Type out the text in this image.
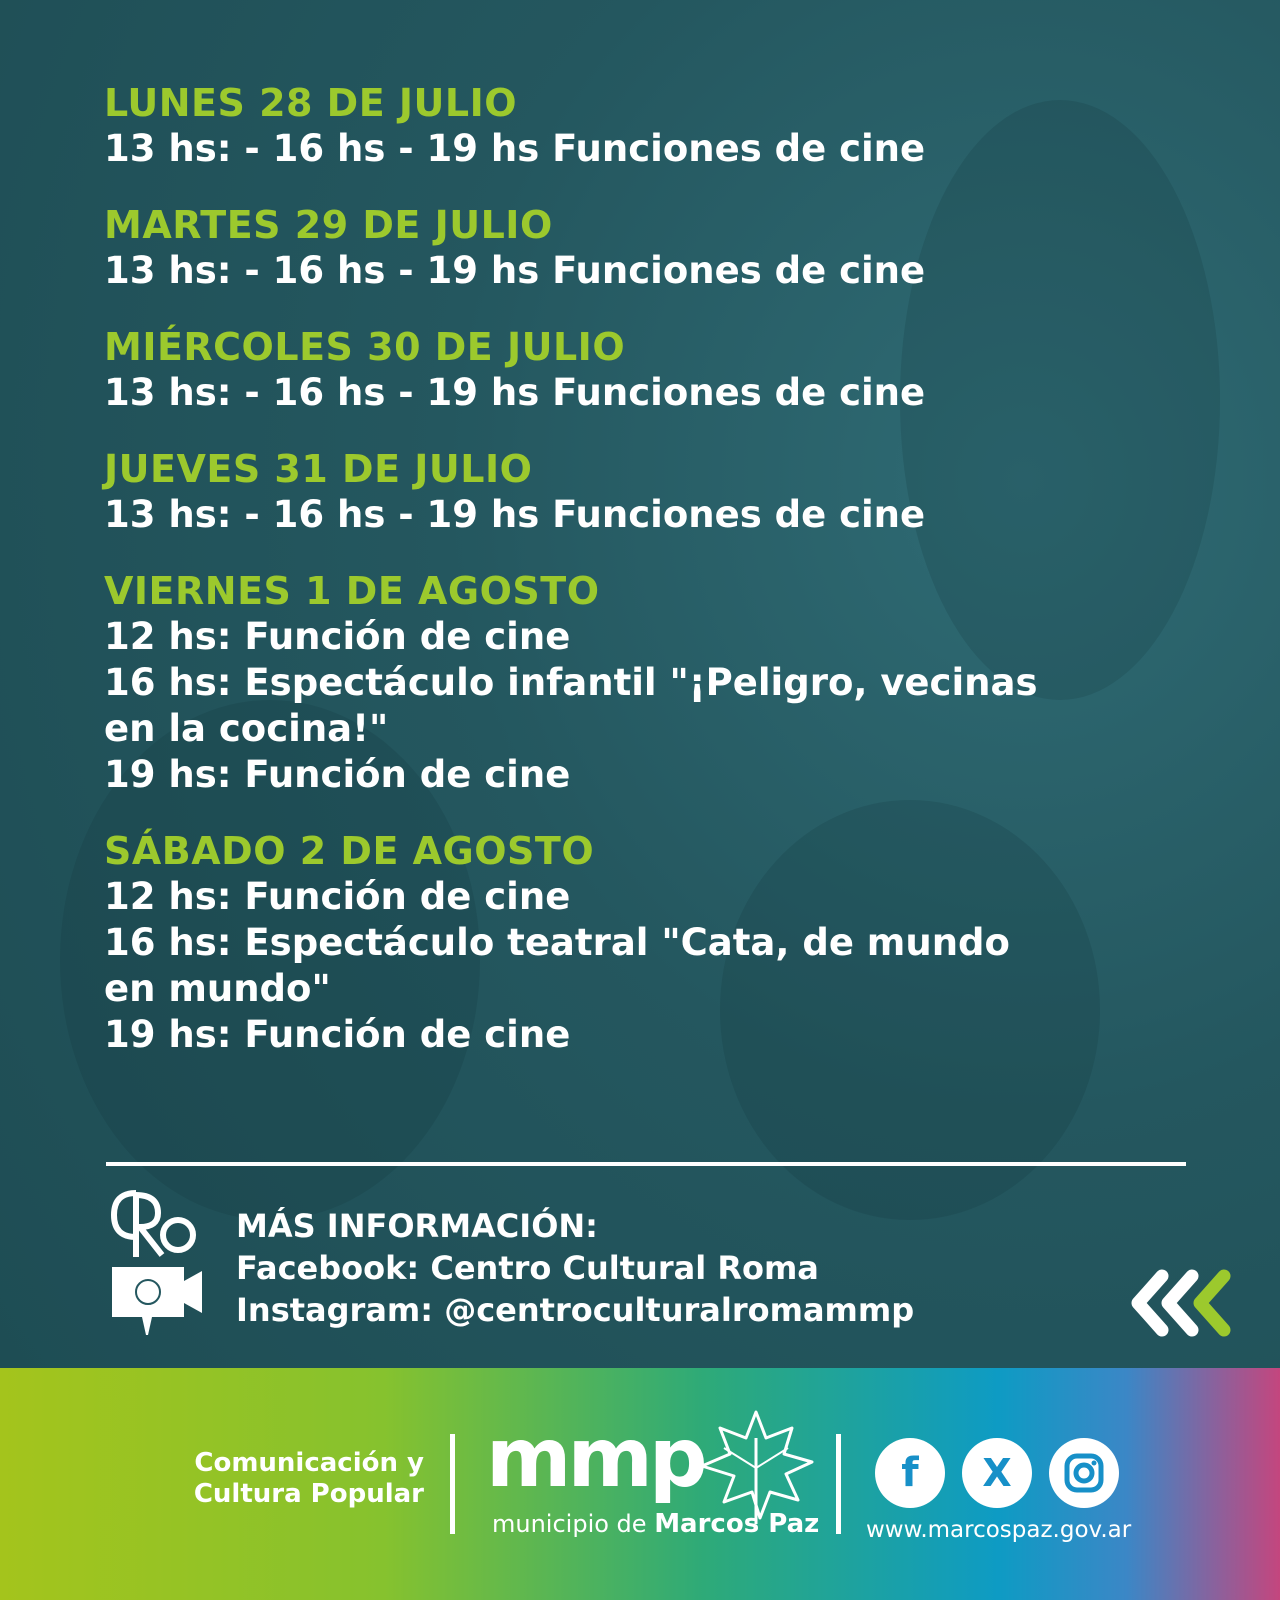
LUNES 28 DE JULIO
13 hs: - 16 hs - 19 hs Funciones de cine
MARTES 29 DE JULIO
13 hs: - 16 hs - 19 hs Funciones de cine
MIÉRCOLES 30 DE JULIO
13 hs: - 16 hs - 19 hs Funciones de cine
JUEVES 31 DE JULIO
13 hs: - 16 hs - 19 hs Funciones de cine
VIERNES 1 DE AGOSTO
12 hs: Función de cine
16 hs: Espectáculo infantil "¡Peligro, vecinas
en la cocina!"
19 hs: Función de cine
SÁBADO 2 DE AGOSTO
12 hs: Función de cine
16 hs: Espectáculo teatral "Cata, de mundo
en mundo"
19 hs: Función de cine
MÁS INFORMACIÓN:
Facebook: Centro Cultural Roma
Instagram: @centroculturalromammp
Comunicación y
Cultura Popular mmp
municipio de Marcos Paz
f	X
www.marcospaz.gov.ar
